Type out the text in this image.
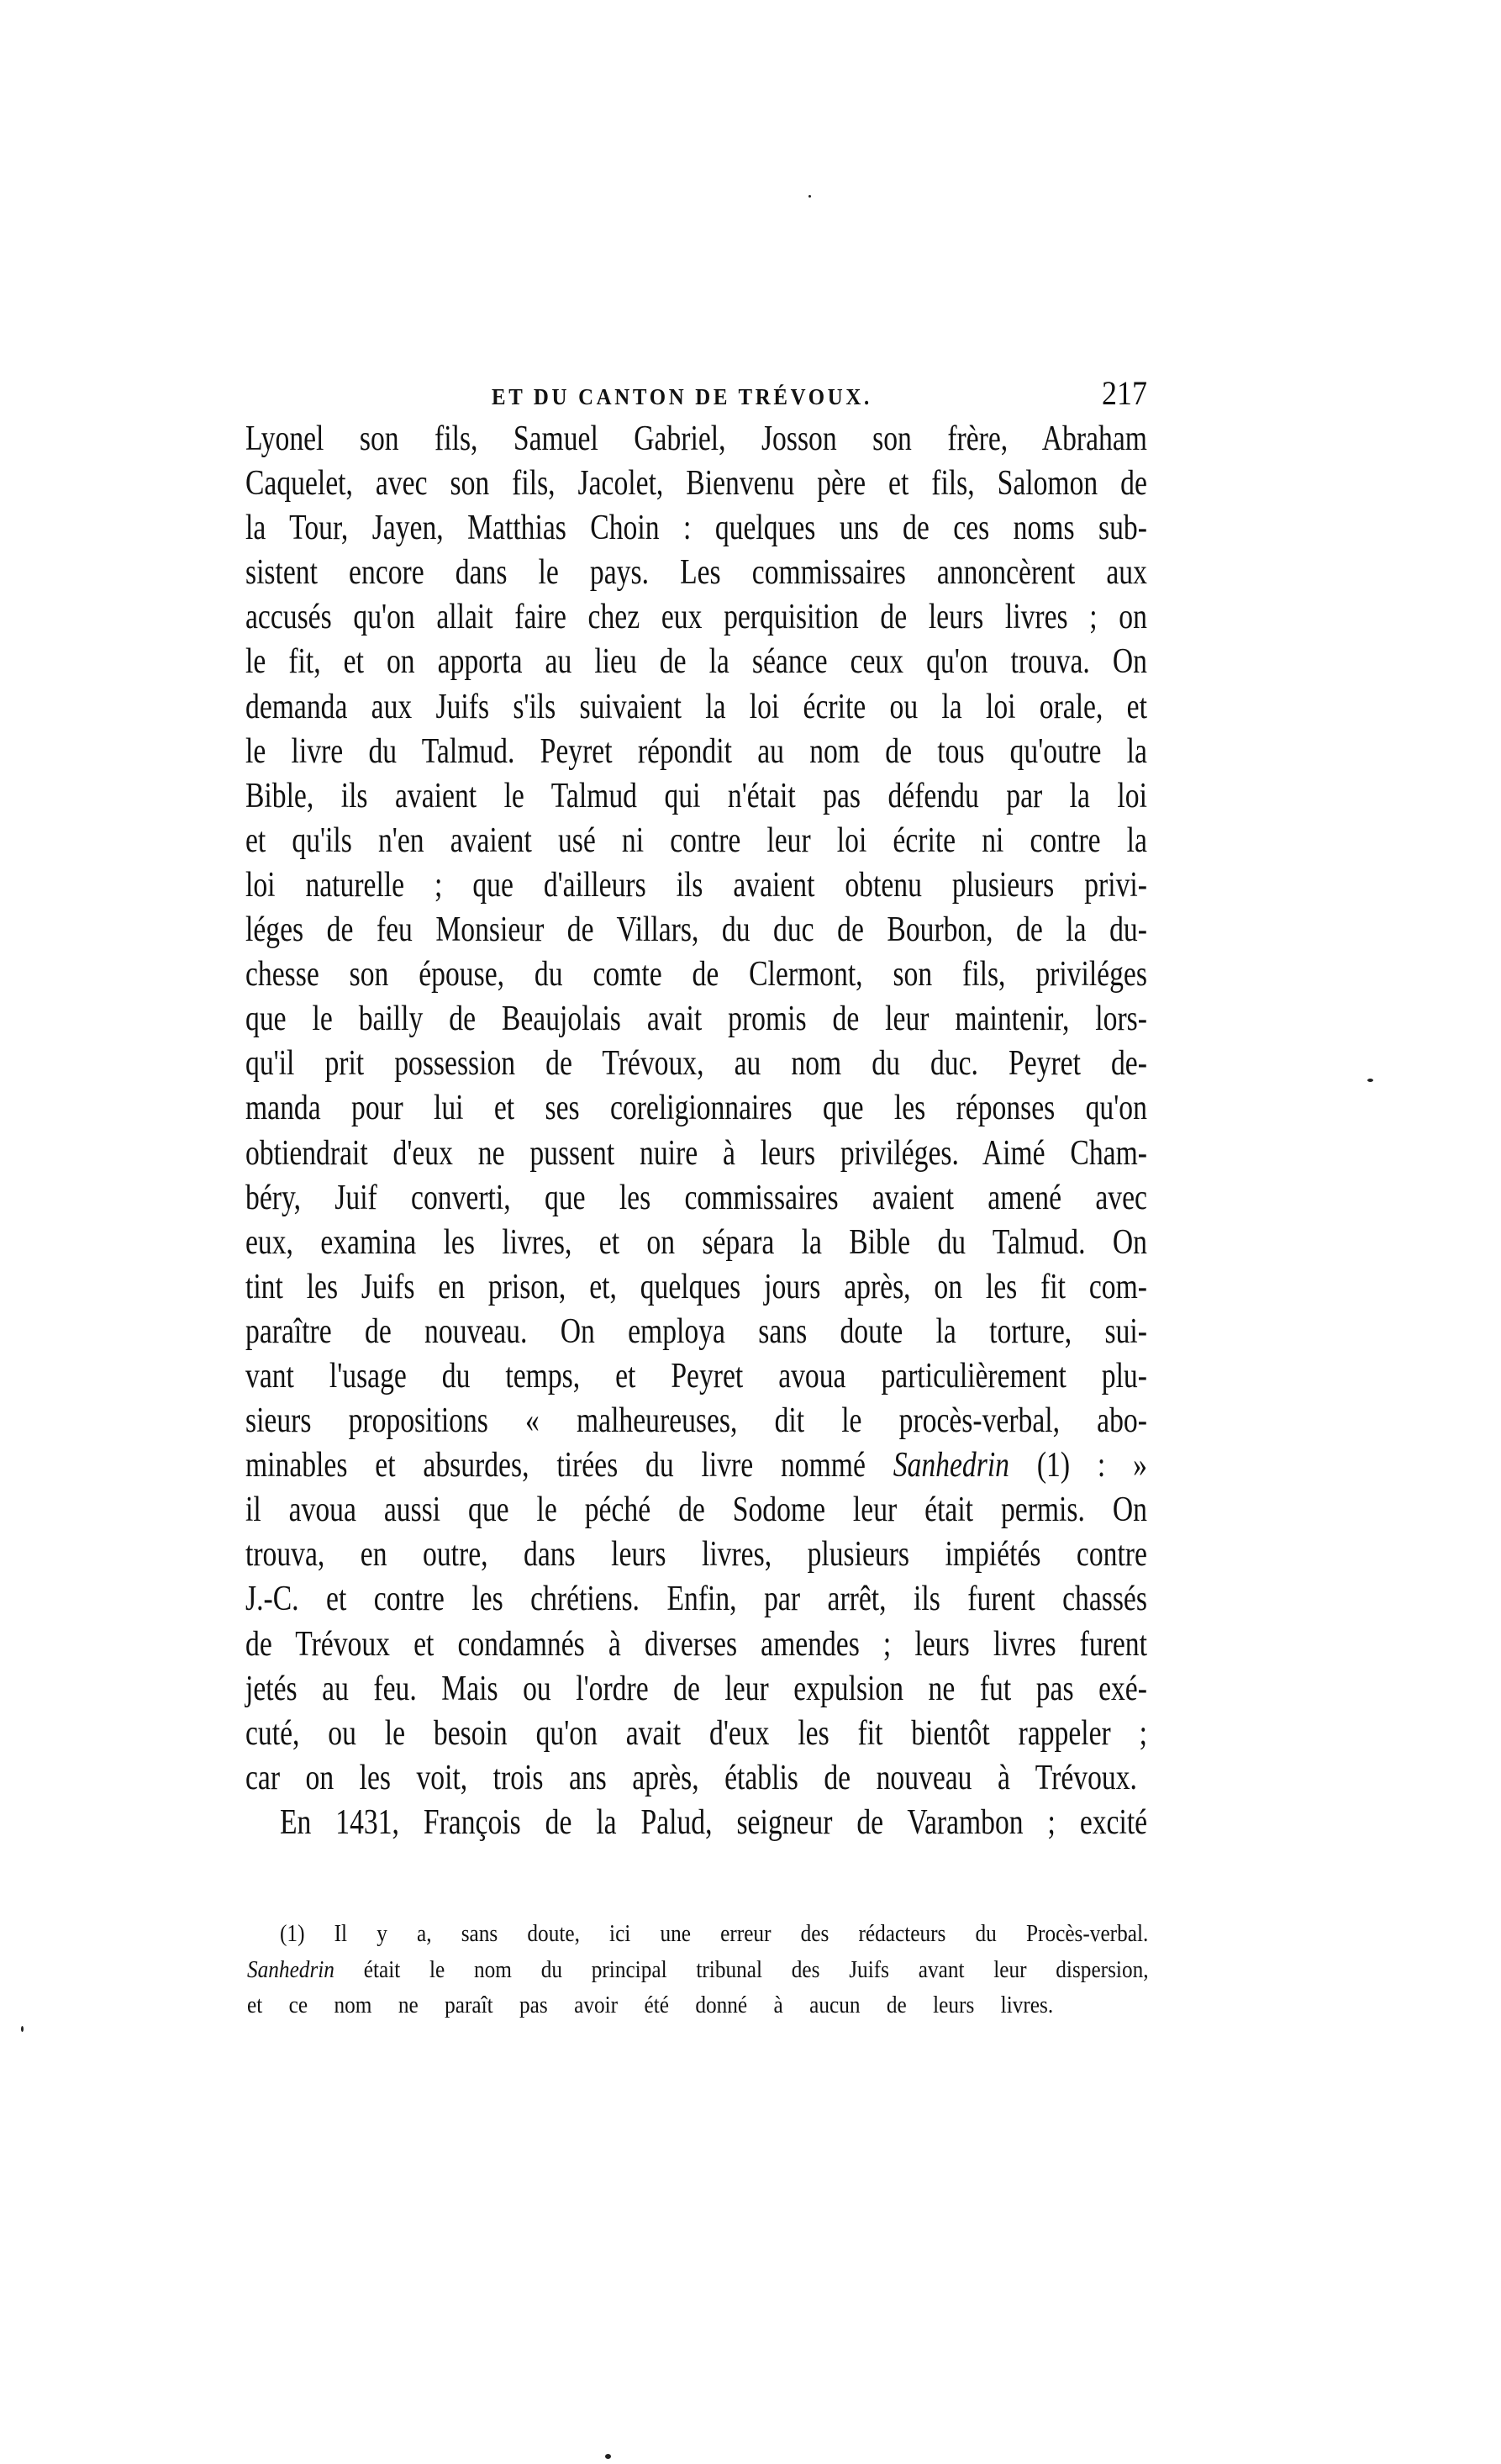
ET DU CANTON DE TRÉVOUX.	217
Lyonel son fils, Samuel Gabriel, Josson son frère, Abraham
Caquelet, avec son fils, Jacolet, Bienvenu père et fils, Salomon de
la Tour, Jayen, Matthias Choin : quelques uns de ces noms sub-
sistent encore dans le pays. Les commissaires annoncèrent aux
accusés qu'on allait faire chez eux perquisition de leurs livres ; on
le fit, et on apporta au lieu de la séance ceux qu'on trouva. On
demanda aux Juifs s'ils suivaient la loi écrite ou la loi orale, et
le livre du Talmud. Peyret répondit au nom de tous qu'outre la
Bible, ils avaient le Talmud qui n'était pas défendu par la loi
et qu'ils n'en avaient usé ni contre leur loi écrite ni contre la
loi naturelle ; que d'ailleurs ils avaient obtenu plusieurs privi-
léges de feu Monsieur de Villars, du duc de Bourbon, de la du-
chesse son épouse, du comte de Clermont, son fils, priviléges
que le bailly de Beaujolais avait promis de leur maintenir, lors-
qu'il prit possession de Trévoux, au nom du duc. Peyret de-
manda pour lui et ses coreligionnaires que les réponses qu'on
obtiendrait d'eux ne pussent nuire à leurs priviléges. Aimé Cham-
béry, Juif converti, que les commissaires avaient amené avec
eux, examina les livres, et on sépara la Bible du Talmud. On
tint les Juifs en prison, et, quelques jours après, on les fit com-
paraître de nouveau. On employa sans doute la torture, sui-
vant l'usage du temps, et Peyret avoua particulièrement plu-
sieurs propositions « malheureuses, dit le procès-verbal, abo-
minables et absurdes, tirées du livre nommé Sanhedrin (1) : »
il avoua aussi que le péché de Sodome leur était permis. On
trouva, en outre, dans leurs livres, plusieurs impiétés contre
J.-C. et contre les chrétiens. Enfin, par arrêt, ils furent chassés
de Trévoux et condamnés à diverses amendes ; leurs livres furent
jetés au feu. Mais ou l'ordre de leur expulsion ne fut pas exé-
cuté, ou le besoin qu'on avait d'eux les fit bientôt rappeler ;
car on les voit, trois ans après, établis de nouveau à Trévoux.
En 1431, François de la Palud, seigneur de Varambon ; excité
(1) Il y a, sans doute, ici une erreur des rédacteurs du Procès-verbal.
Sanhedrin était le nom du principal tribunal des Juifs avant leur dispersion,
et ce nom ne paraît pas avoir été donné à aucun de leurs livres.
